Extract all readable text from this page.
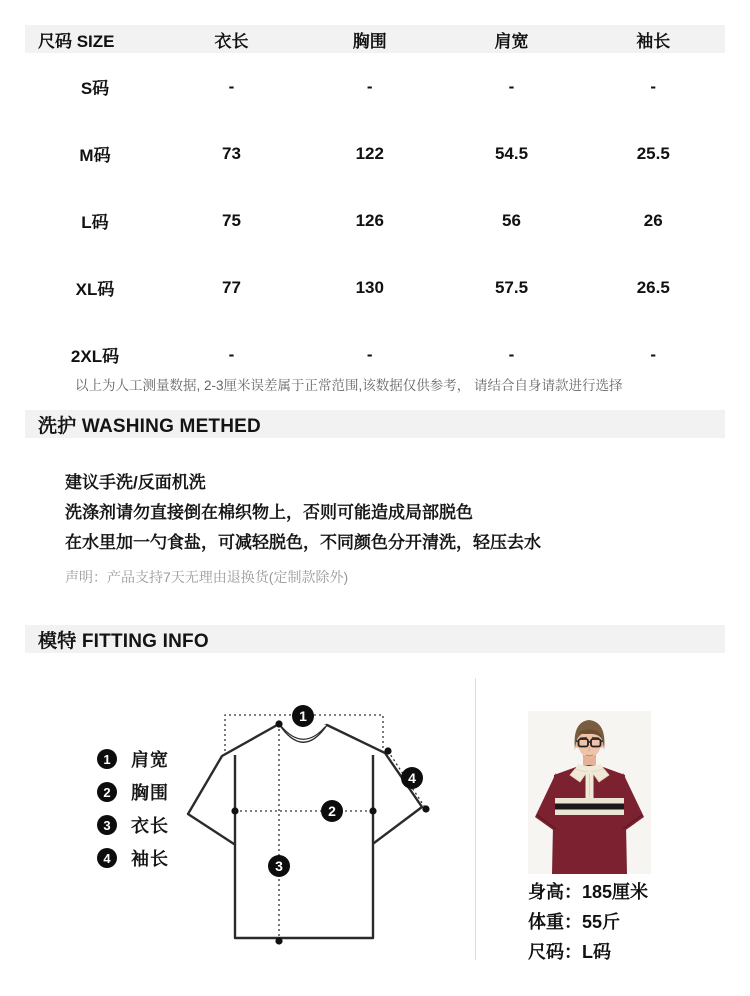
尺码 SIZE	衣长	胸围	肩宽	袖长
S码	-	-	-	-
M码	73	122	54.5	25.5
L码	75	126	56	26
XL码	77	130	57.5	26.5
2XL码	-	-	-	-
以上为人工测量数据, 2-3厘米误差属于正常范围,该数据仅供参考， 请结合自身请款进行选择
洗护 WASHING METHED
建议手洗/反面机洗
洗涤剂请勿直接倒在棉织物上，否则可能造成局部脱色
在水里加一勺食盐，可减轻脱色，不同颜色分开清洗，轻压去水
声明：产品支持7天无理由退换货(定制款除外)
模特 FITTING INFO
1	肩宽
2	胸围
3	衣长
4	袖长
1
2
3
4
身高：185厘米
体重：55斤
尺码：L码
